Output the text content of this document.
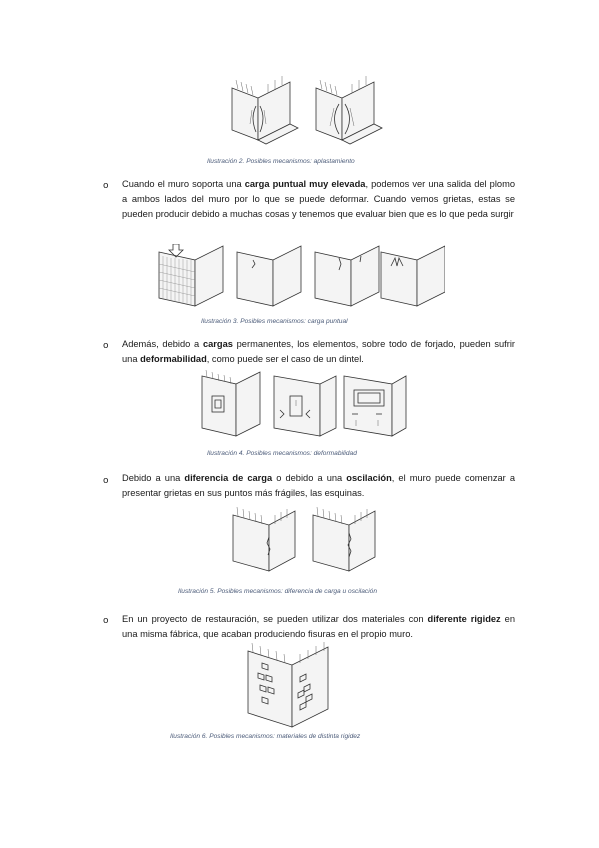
Ilustración 2. Posibles mecanismos: aplastamiento
o Cuando el muro soporta una carga puntual muy elevada, podemos ver una salida del plomo a ambos lados del muro por lo que se puede deformar. Cuando vemos grietas, estas se pueden producir debido a muchas cosas y tenemos que evaluar bien que es lo que peda surgir
Ilustración 3. Posibles mecanismos: carga puntual
o Además, debido a cargas permanentes, los elementos, sobre todo de forjado, pueden sufrir una deformabilidad, como puede ser el caso de un dintel.
Ilustración 4. Posibles mecanismos: deformabilidad
o Debido a una diferencia de carga o debido a una oscilación, el muro puede comenzar a presentar grietas en sus puntos más frágiles, las esquinas.
Ilustración 5. Posibles mecanismos: diferencia de carga u oscilación
o En un proyecto de restauración, se pueden utilizar dos materiales con diferente rigidez en una misma fábrica, que acaban produciendo fisuras en el propio muro.
Ilustración 6. Posibles mecanismos: materiales de distinta rigidez
